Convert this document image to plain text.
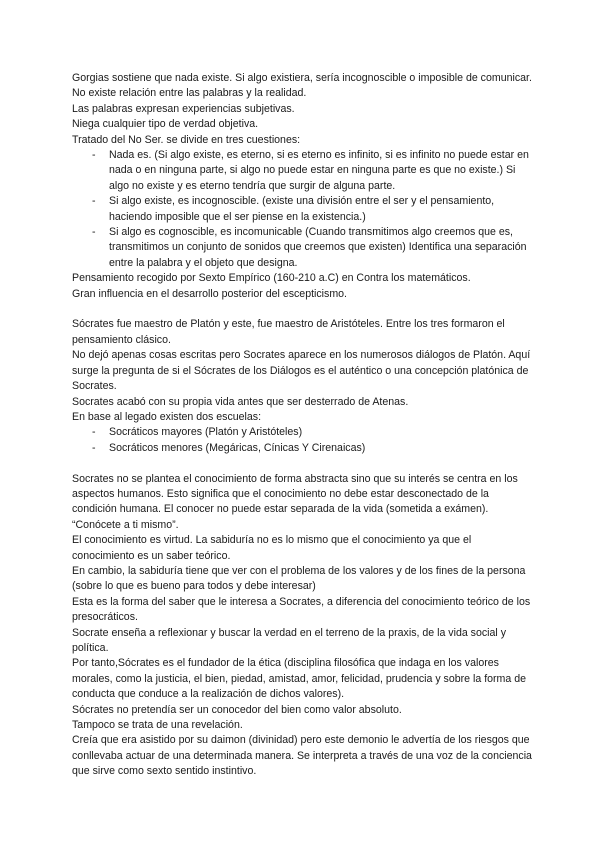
Gorgias sostiene que nada existe. Si algo existiera, sería incognoscible o imposible de comunicar.

No existe relación entre las palabras y la realidad.

Las palabras expresan experiencias subjetivas.

Niega cualquier tipo de verdad objetiva.

Tratado del No Ser. se divide en tres cuestiones:

- Nada es. (Si algo existe, es eterno, si es eterno es infinito, si es infinito no puede estar en nada o en ninguna parte, si algo no puede estar en ninguna parte es que no existe.) Si algo no existe y es eterno tendría que surgir de alguna parte.
- Si algo existe, es incognoscible. (existe una división entre el ser y el pensamiento, haciendo imposible que el ser piense en la existencia.)
- Si algo es cognoscible, es incomunicable (Cuando transmitimos algo creemos que es, transmitimos un conjunto de sonidos que creemos que existen) Identifica una separación entre la palabra y el objeto que designa.

Pensamiento recogido por Sexto Empírico (160-210 a.C) en Contra los matemáticos.

Gran influencia en el desarrollo posterior del escepticismo.

Sócrates fue maestro de Platón y este, fue maestro de Aristóteles. Entre los tres formaron el pensamiento clásico.

No dejó apenas cosas escritas pero Socrates aparece en los numerosos diálogos de Platón. Aquí surge la pregunta de si el Sócrates de los Diálogos es el auténtico o una concepción platónica de Socrates.

Socrates acabó con su propia vida antes que ser desterrado de Atenas.

En base al legado existen dos escuelas:

- Socráticos mayores (Platón y Aristóteles)
- Socráticos menores (Megáricas, Cínicas Y Cirenaicas)

Socrates no se plantea el conocimiento de forma abstracta sino que su interés se centra en los aspectos humanos. Esto significa que el conocimiento no debe estar desconectado de la condición humana. El conocer no puede estar separada de la vida (sometida a exámen). “Conócete a ti mismo”.

El conocimiento es virtud. La sabiduría no es lo mismo que el conocimiento ya que el conocimiento es un saber teórico.

En cambio, la sabiduría tiene que ver con el problema de los valores y de los fines de la persona (sobre lo que es bueno para todos y debe interesar)

Esta es la forma del saber que le interesa a Socrates, a diferencia del conocimiento teórico de los presocráticos.

Socrate enseña a reflexionar y buscar la verdad en el terreno de la praxis, de la vida social y política.

Por tanto,Sócrates es el fundador de la ética (disciplina filosófica que indaga en los valores morales, como la justicia, el bien, piedad, amistad, amor, felicidad, prudencia y sobre la forma de conducta que conduce a la realización de dichos valores).

Sócrates no pretendía ser un conocedor del bien como valor absoluto.

Tampoco se trata de una revelación.

Creía que era asistido por su daimon (divinidad) pero este demonio le advertía de los riesgos que conllevaba actuar de una determinada manera. Se interpreta a través de una voz de la conciencia que sirve como sexto sentido instintivo.
